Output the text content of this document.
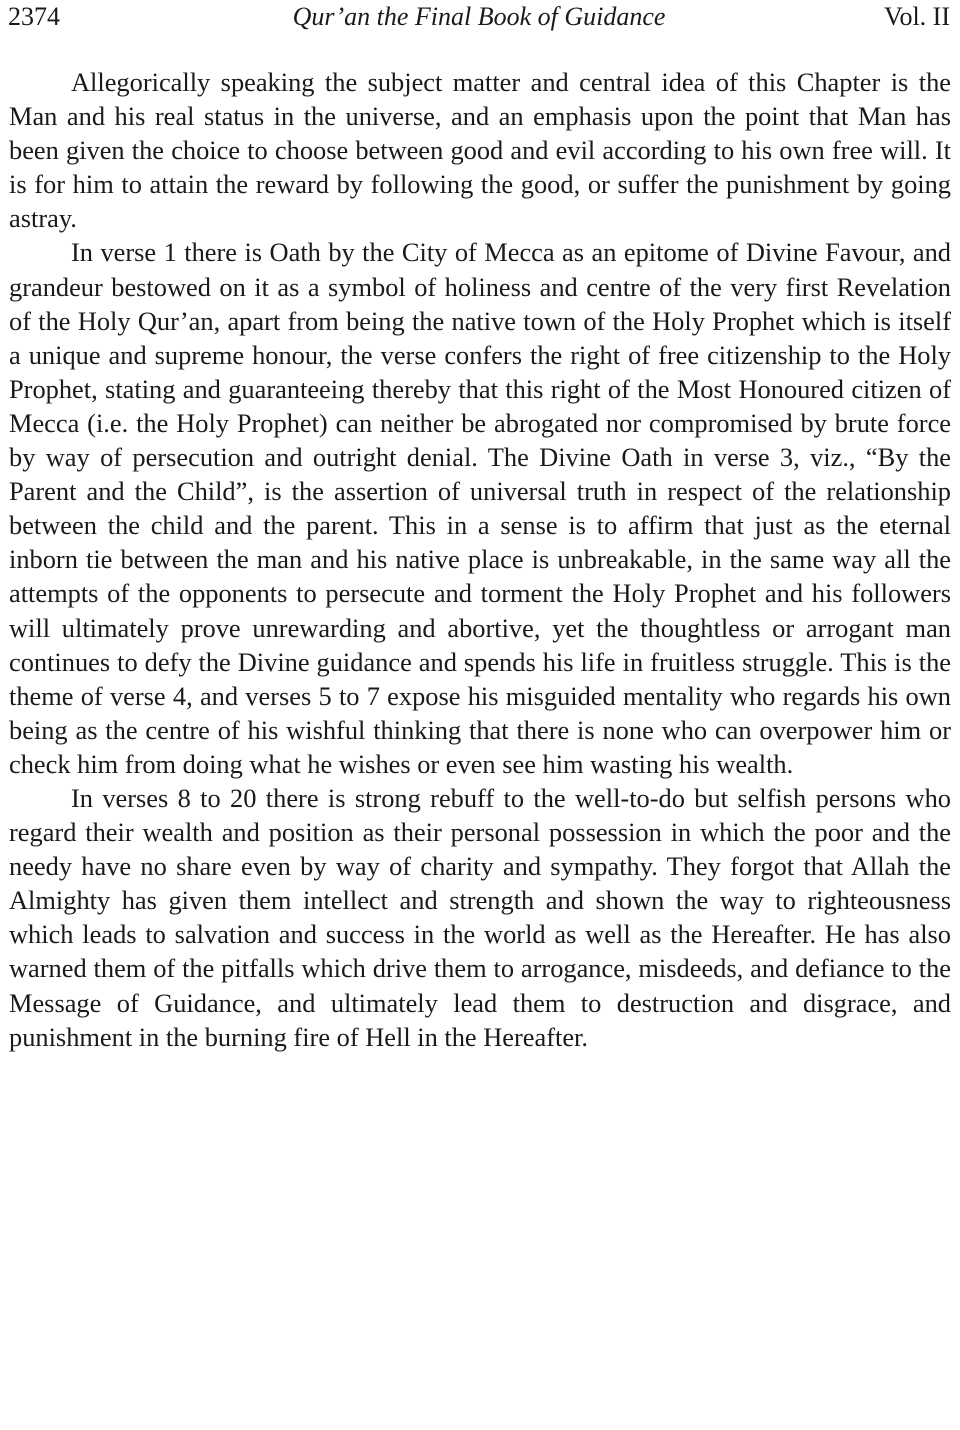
2374	Qur’an the Final Book of Guidance	Vol. II

Allegorically speaking the subject matter and central idea of this Chapter is the Man and his real status in the universe, and an emphasis upon the point that Man has been given the choice to choose between good and evil according to his own free will. It is for him to attain the reward by following the good, or suffer the punishment by going astray.

In verse 1 there is Oath by the City of Mecca as an epitome of Divine Favour, and grandeur bestowed on it as a symbol of holiness and centre of the very first Revelation of the Holy Qur’an, apart from being the native town of the Holy Prophet which is itself a unique and supreme honour, the verse confers the right of free citizenship to the Holy Prophet, stating and guaranteeing thereby that this right of the Most Honoured citizen of Mecca (i.e. the Holy Prophet) can neither be abrogated nor compromised by brute force by way of persecution and outright denial. The Divine Oath in verse 3, viz., “By the Parent and the Child”, is the assertion of universal truth in respect of the relationship between the child and the parent. This in a sense is to affirm that just as the eternal inborn tie between the man and his native place is unbreakable, in the same way all the attempts of the opponents to persecute and torment the Holy Prophet and his followers will ultimately prove unrewarding and abortive, yet the thoughtless or arrogant man continues to defy the Divine guidance and spends his life in fruitless struggle. This is the theme of verse 4, and verses 5 to 7 expose his misguided mentality who regards his own being as the centre of his wishful thinking that there is none who can overpower him or check him from doing what he wishes or even see him wasting his wealth.

In verses 8 to 20 there is strong rebuff to the well-to-do but selfish persons who regard their wealth and position as their personal possession in which the poor and the needy have no share even by way of charity and sympathy. They forgot that Allah the Almighty has given them intellect and strength and shown the way to righteousness which leads to salvation and success in the world as well as the Hereafter. He has also warned them of the pitfalls which drive them to arrogance, misdeeds, and defiance to the Message of Guidance, and ultimately lead them to destruction and disgrace, and punishment in the burning fire of Hell in the Hereafter.
